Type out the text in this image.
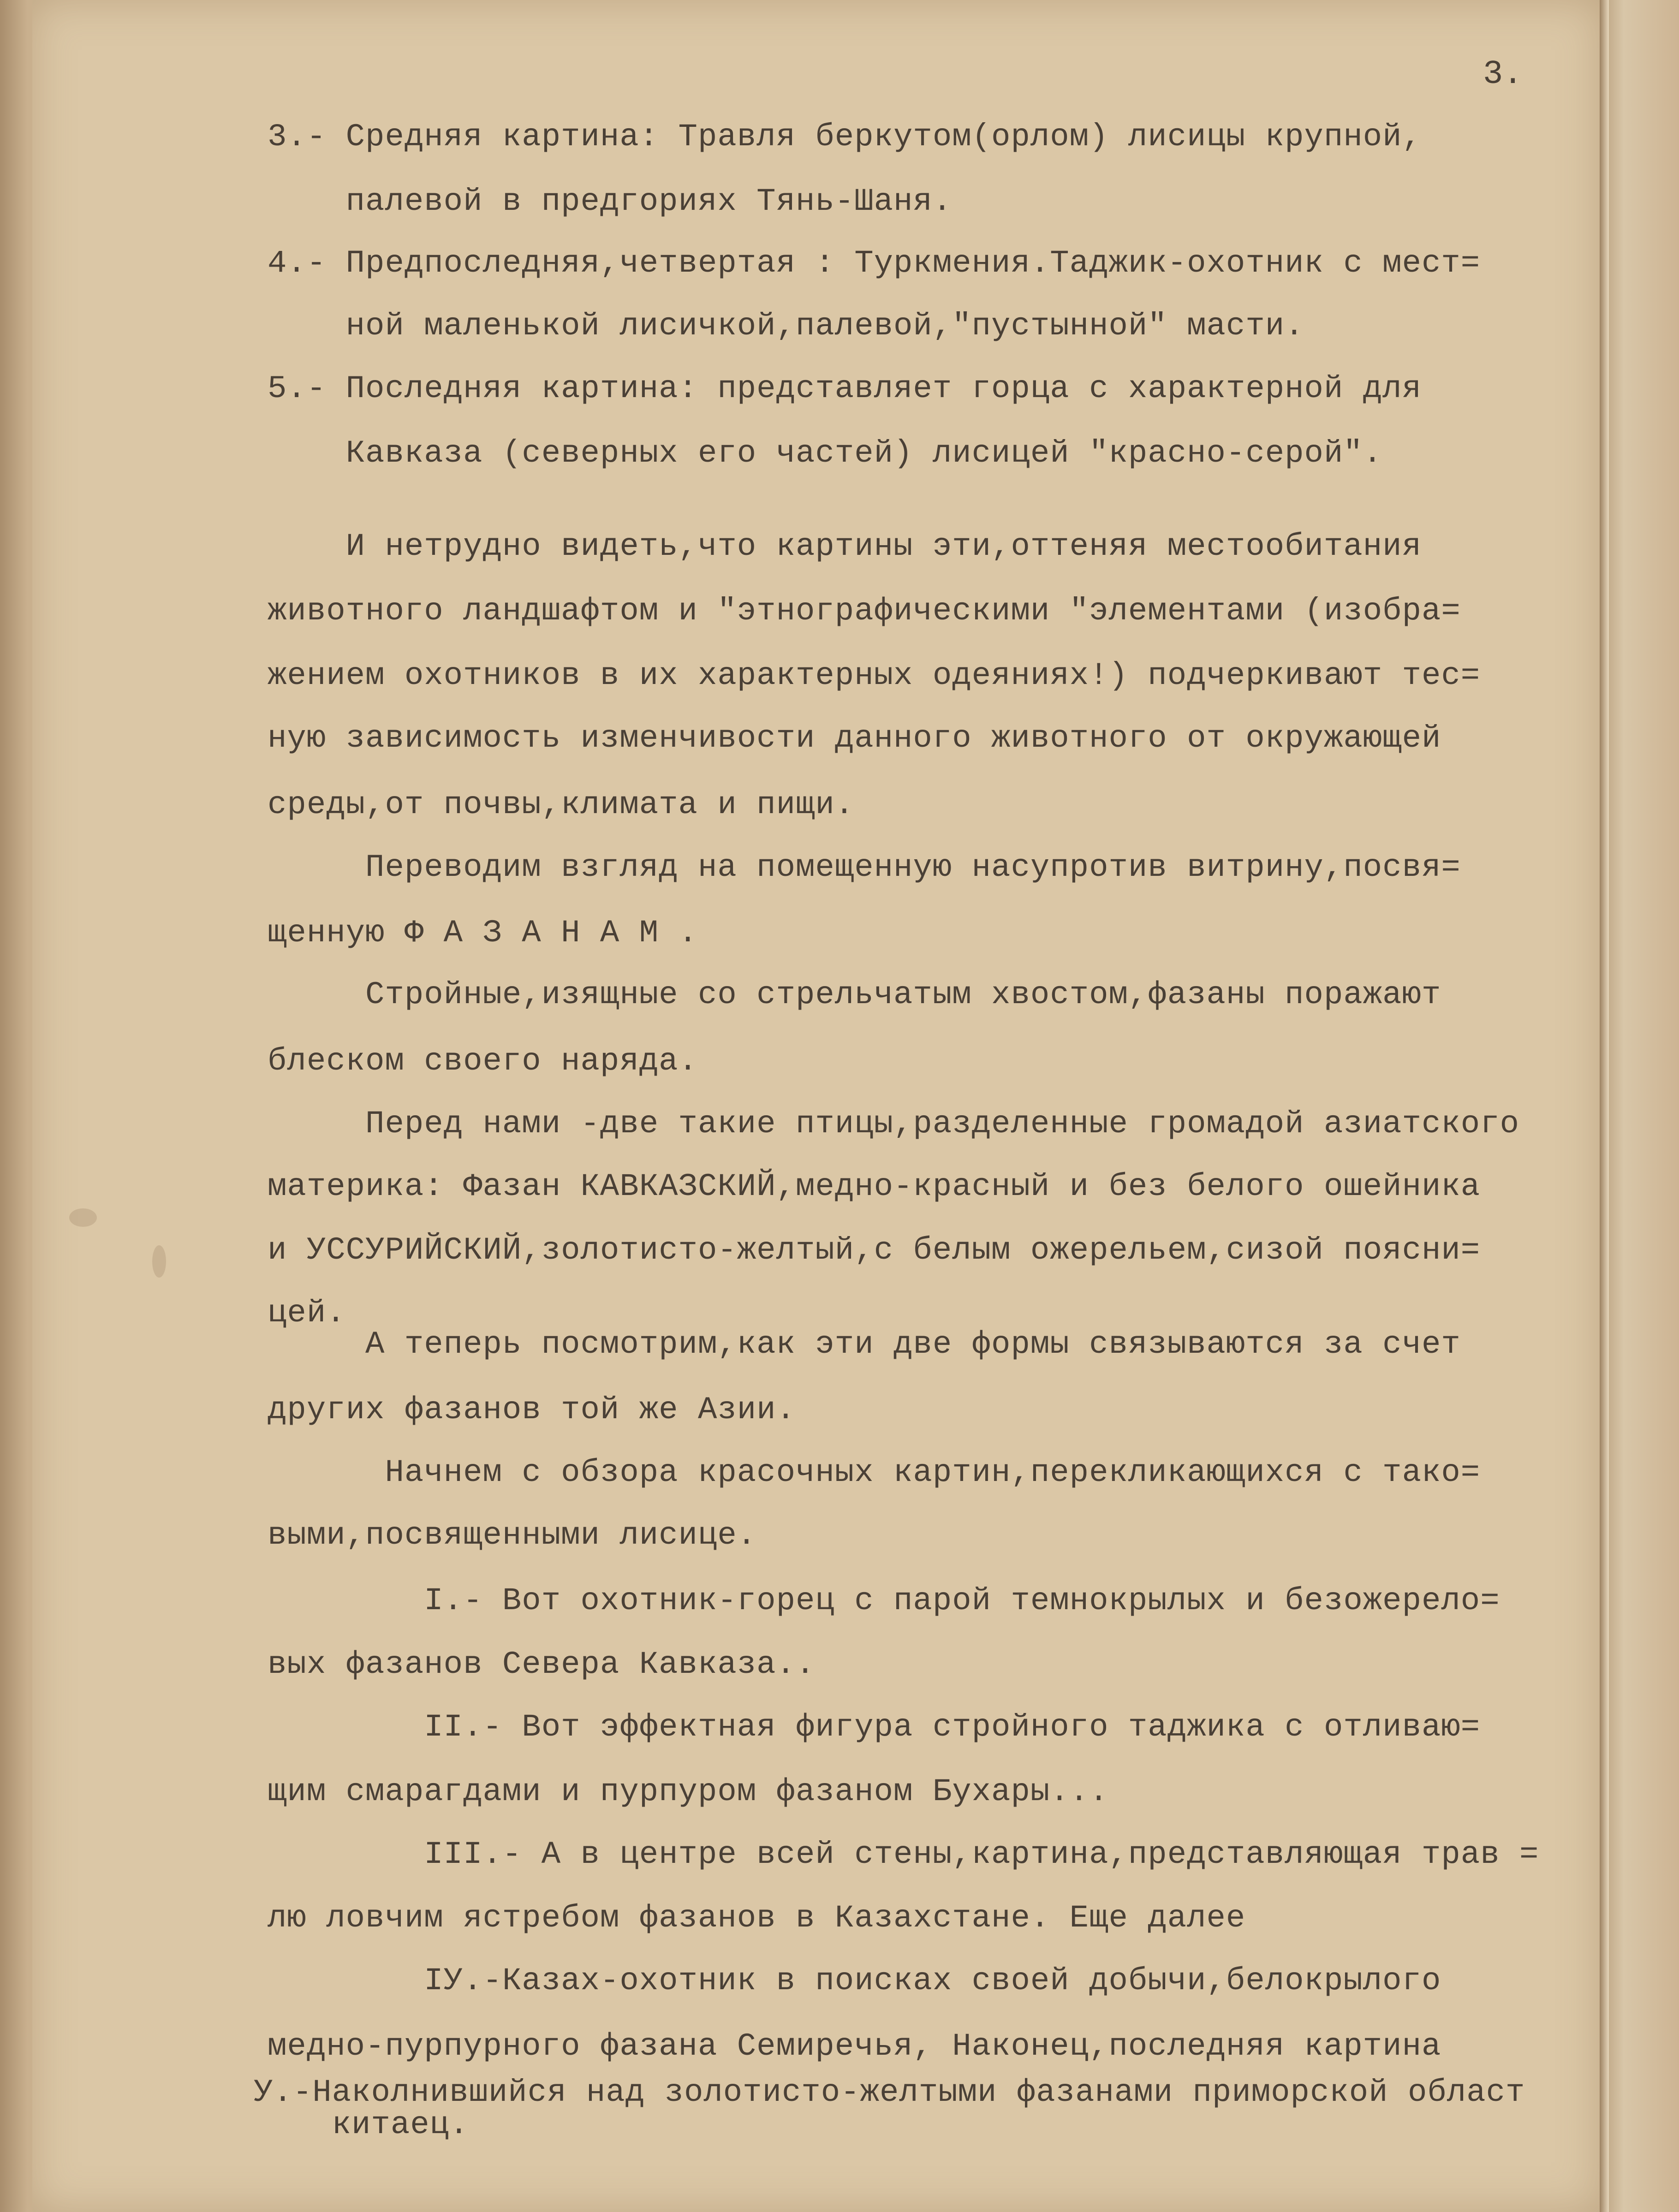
3.
3.- Средняя картина: Травля беркутом(орлом) лисицы крупной,
палевой в предгориях Тянь-Шаня.
4.- Предпоследняя,четвертая : Туркмения.Таджик-охотник с мест=
ной маленькой лисичкой,палевой,"пустынной" масти.
5.- Последняя картина: представляет горца с характерной для
Кавказа (северных его частей) лисицей "красно-серой".
И нетрудно видеть,что картины эти,оттеняя местообитания
животного ландшафтом и "этнографическими "элементами (изобра=
жением охотников в их характерных одеяниях!) подчеркивают тес=
ную зависимость изменчивости данного животного от окружающей
среды,от почвы,климата и пищи.
Переводим взгляд на помещенную насупротив витрину,посвя=
щенную Ф А З А Н А М .
Стройные,изящные со стрельчатым хвостом,фазаны поражают
блеском своего наряда.
Перед нами -две такие птицы,разделенные громадой азиатского
материка: Фазан КАВКАЗСКИЙ,медно-красный и без белого ошейника
и УССУРИЙСКИЙ,золотисто-желтый,с белым ожерельем,сизой поясни=
цей.
А теперь посмотрим,как эти две формы связываются за счет
других фазанов той же Азии.
Начнем с обзора красочных картин,перекликающихся с тако=
выми,посвященными лисице.
I.- Вот охотник-горец с парой темнокрылых и безожерело=
вых фазанов Севера Кавказа..
II.- Вот эффектная фигура стройного таджика с отливаю=
щим смарагдами и пурпуром фазаном Бухары...
III.- А в центре всей стены,картина,представляющая трав =
лю ловчим ястребом фазанов в Казахстане. Еще далее
IУ.-Казах-охотник в поисках своей добычи,белокрылого
медно-пурпурного фазана Семиречья, Наконец,последняя картина
У.-Наколнившийся над золотисто-желтыми фазанами приморской област
китаец.
